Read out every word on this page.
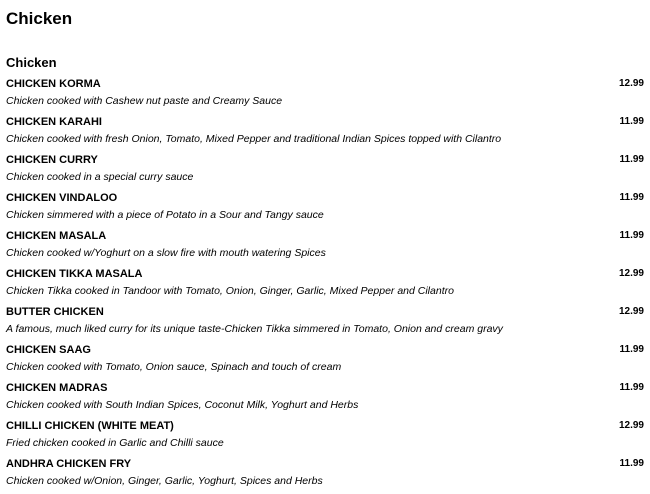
Chicken
Chicken
CHICKEN KORMA	12.99
Chicken cooked with Cashew nut paste and Creamy Sauce
CHICKEN KARAHI	11.99
Chicken cooked with fresh Onion, Tomato, Mixed Pepper and traditional Indian Spices topped with Cilantro
CHICKEN CURRY	11.99
Chicken cooked in a special curry sauce
CHICKEN VINDALOO	11.99
Chicken simmered with a piece of Potato in a Sour and Tangy sauce
CHICKEN MASALA	11.99
Chicken cooked w/Yoghurt on a slow fire with mouth watering Spices
CHICKEN TIKKA MASALA	12.99
Chicken Tikka cooked in Tandoor with Tomato, Onion, Ginger, Garlic, Mixed Pepper and Cilantro
BUTTER CHICKEN	12.99
A famous, much liked curry for its unique taste-Chicken Tikka simmered in Tomato, Onion and cream gravy
CHICKEN SAAG	11.99
Chicken cooked with Tomato, Onion sauce, Spinach and touch of cream
CHICKEN MADRAS	11.99
Chicken cooked with South Indian Spices, Coconut Milk, Yoghurt and Herbs
CHILLI CHICKEN (WHITE MEAT)	12.99
Fried chicken cooked in Garlic and Chilli sauce
ANDHRA CHICKEN FRY	11.99
Chicken cooked w/Onion, Ginger, Garlic, Yoghurt, Spices and Herbs
